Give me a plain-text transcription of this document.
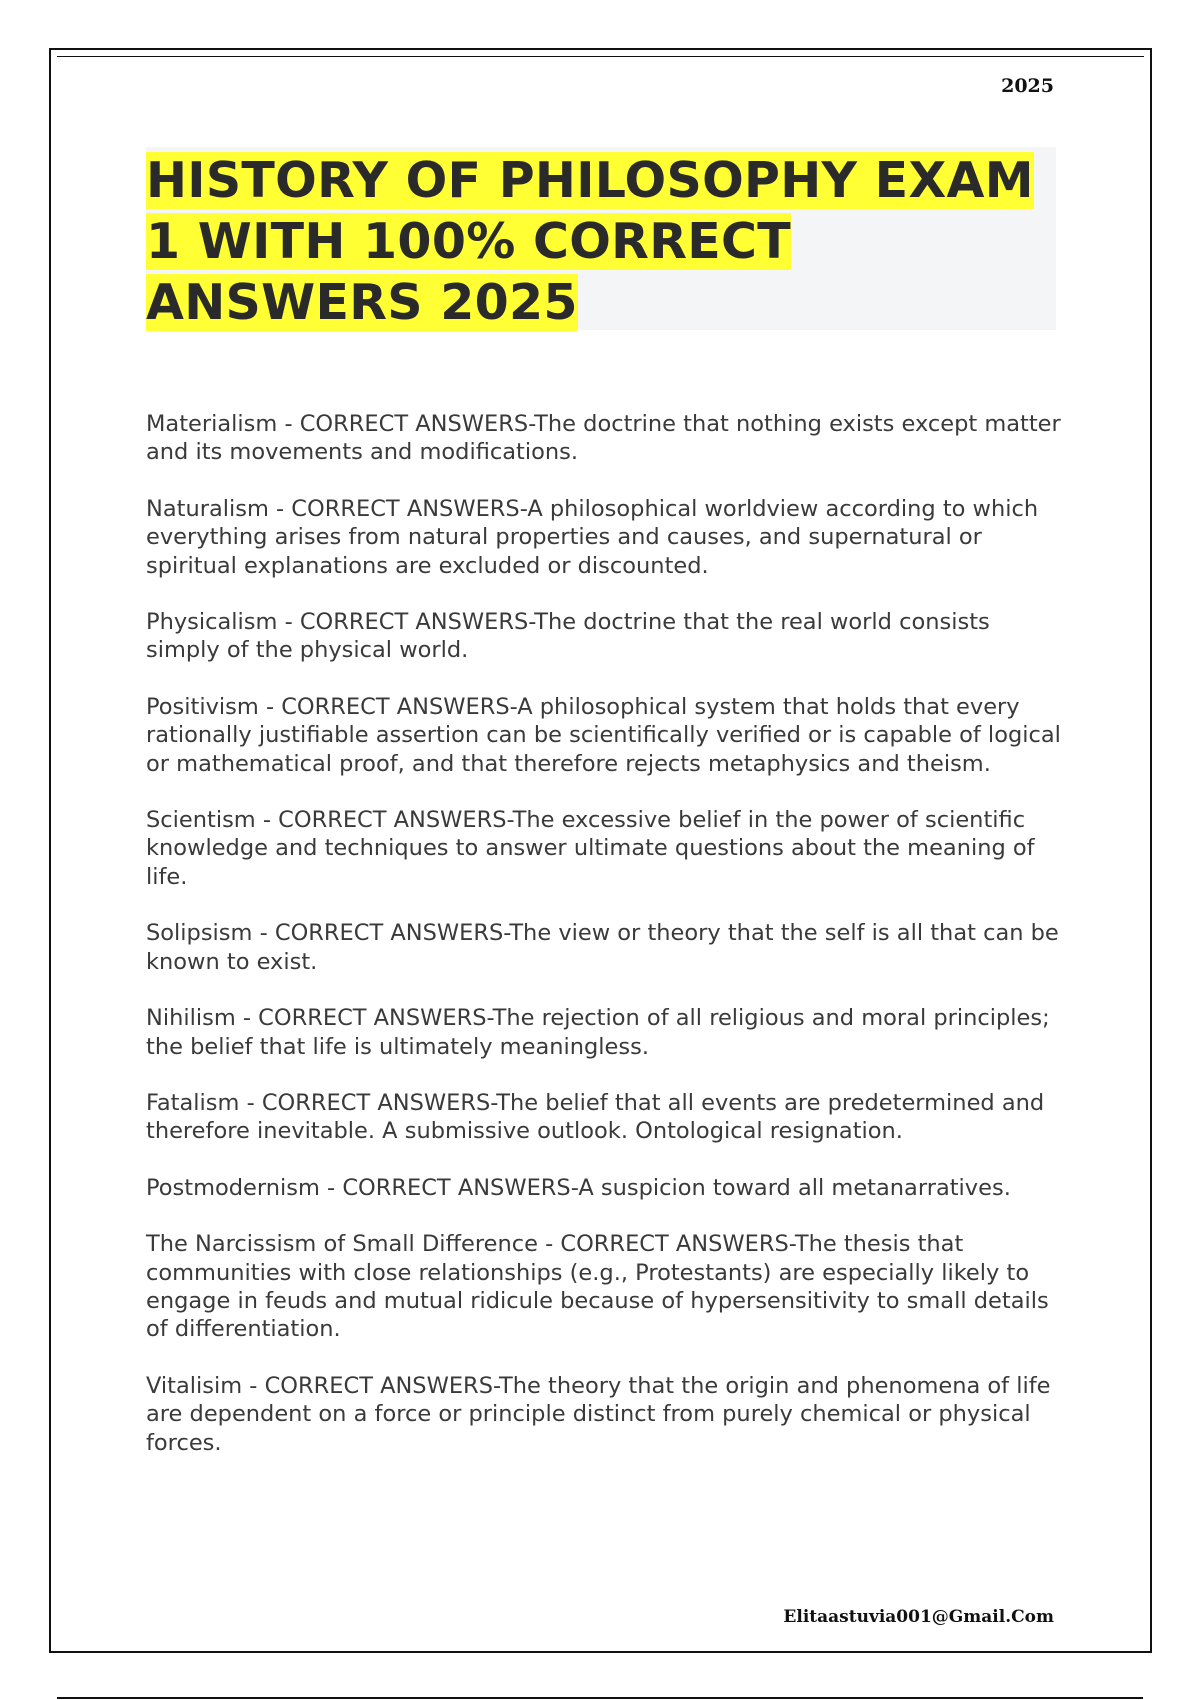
2025
HISTORY OF PHILOSOPHY EXAM 1 WITH 100% CORRECT ANSWERS 2025

Materialism - CORRECT ANSWERS-The doctrine that nothing exists except matter and its movements and modifications.

Naturalism - CORRECT ANSWERS-A philosophical worldview according to which everything arises from natural properties and causes, and supernatural or spiritual explanations are excluded or discounted.

Physicalism - CORRECT ANSWERS-The doctrine that the real world consists simply of the physical world.

Positivism - CORRECT ANSWERS-A philosophical system that holds that every rationally justifiable assertion can be scientifically verified or is capable of logical or mathematical proof, and that therefore rejects metaphysics and theism.

Scientism - CORRECT ANSWERS-The excessive belief in the power of scientific knowledge and techniques to answer ultimate questions about the meaning of life.

Solipsism - CORRECT ANSWERS-The view or theory that the self is all that can be known to exist.

Nihilism - CORRECT ANSWERS-The rejection of all religious and moral principles; the belief that life is ultimately meaningless.

Fatalism - CORRECT ANSWERS-The belief that all events are predetermined and therefore inevitable. A submissive outlook. Ontological resignation.

Postmodernism - CORRECT ANSWERS-A suspicion toward all metanarratives.

The Narcissism of Small Difference - CORRECT ANSWERS-The thesis that communities with close relationships (e.g., Protestants) are especially likely to engage in feuds and mutual ridicule because of hypersensitivity to small details of differentiation.

Vitalisim - CORRECT ANSWERS-The theory that the origin and phenomena of life are dependent on a force or principle distinct from purely chemical or physical forces.

Elitaastuvia001@Gmail.Com
